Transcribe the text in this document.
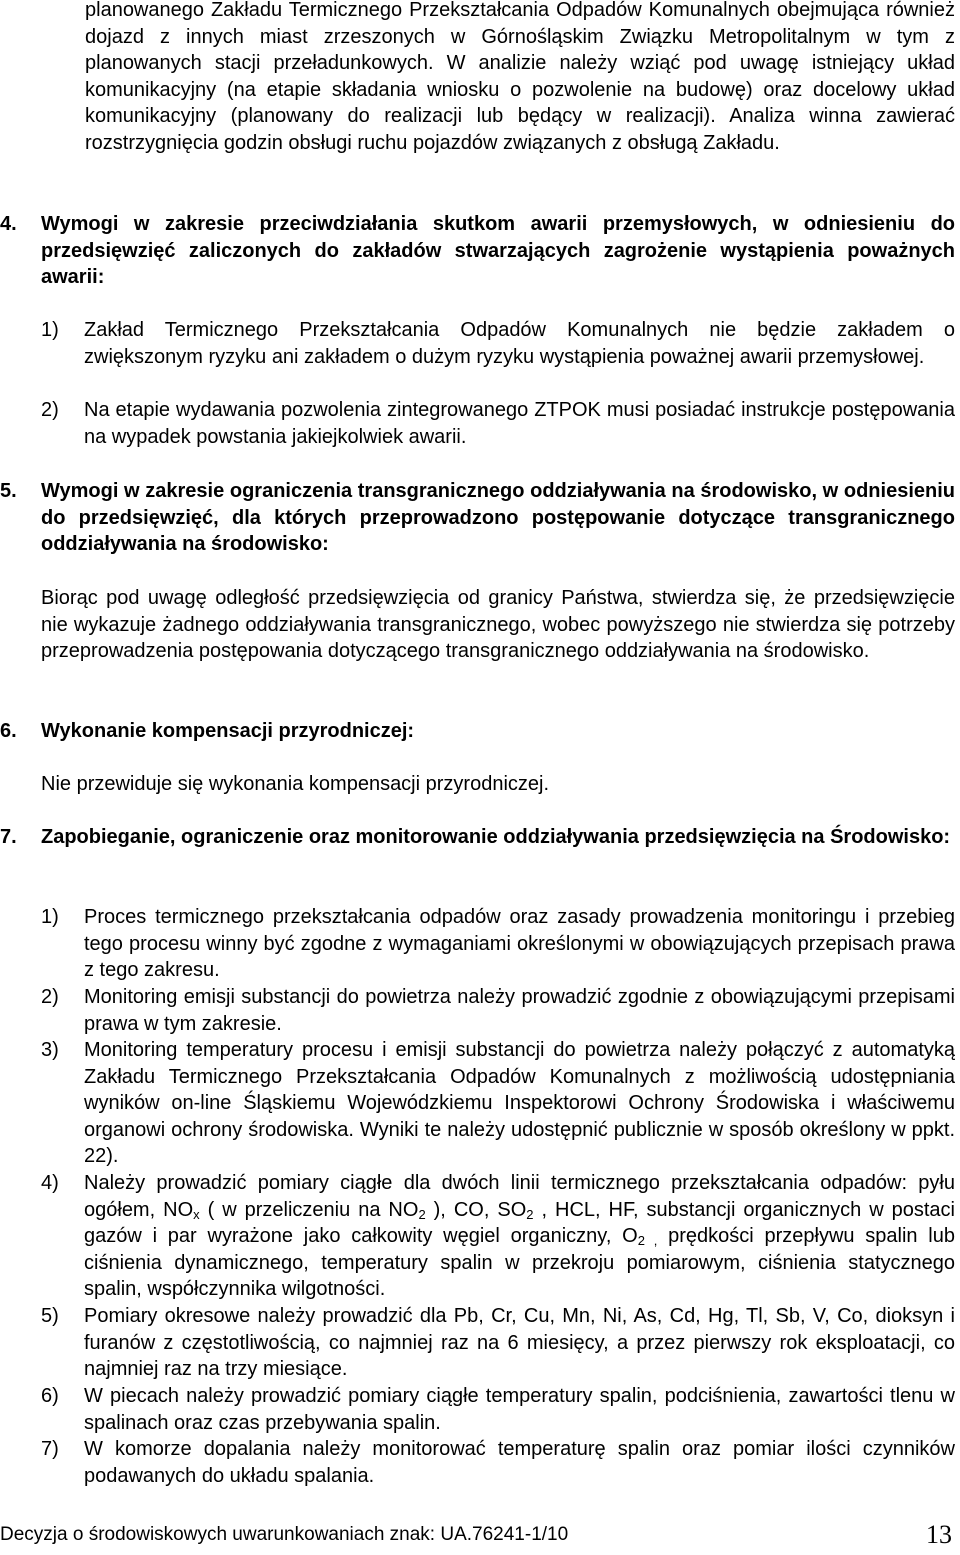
planowanego Zakładu Termicznego Przekształcania Odpadów Komunalnych obejmująca również dojazd z innych miast zrzeszonych w Górnośląskim Związku Metropolitalnym w tym z planowanych stacji przeładunkowych. W analizie należy wziąć pod uwagę istniejący układ komunikacyjny (na etapie składania wniosku o pozwolenie na budowę) oraz docelowy układ komunikacyjny (planowany do realizacji lub będący w realizacji). Analiza winna zawierać rozstrzygnięcia godzin obsługi ruchu pojazdów związanych z obsługą Zakładu.

4. Wymogi w zakresie przeciwdziałania skutkom awarii przemysłowych, w odniesieniu do przedsięwzięć zaliczonych do zakładów stwarzających zagrożenie wystąpienia poważnych awarii:

1) Zakład Termicznego Przekształcania Odpadów Komunalnych nie będzie zakładem o zwiększonym ryzyku ani zakładem o dużym ryzyku wystąpienia poważnej awarii przemysłowej.

2) Na etapie wydawania pozwolenia zintegrowanego ZTPOK musi posiadać instrukcje postępowania na wypadek powstania jakiejkolwiek awarii.

5. Wymogi w zakresie ograniczenia transgranicznego oddziaływania na środowisko, w odniesieniu do przedsięwzięć, dla których przeprowadzono postępowanie dotyczące transgranicznego oddziaływania na środowisko:

Biorąc pod uwagę odległość przedsięwzięcia od granicy Państwa, stwierdza się, że przedsięwzięcie nie wykazuje żadnego oddziaływania transgranicznego, wobec powyższego nie stwierdza się potrzeby przeprowadzenia postępowania dotyczącego transgranicznego oddziaływania na środowisko.

6. Wykonanie kompensacji przyrodniczej:

Nie przewiduje się wykonania kompensacji przyrodniczej.

7. Zapobieganie, ograniczenie oraz monitorowanie oddziaływania przedsięwzięcia na Środowisko:

1) Proces termicznego przekształcania odpadów oraz zasady prowadzenia monitoringu i przebieg tego procesu winny być zgodne z wymaganiami określonymi w obowiązujących przepisach prawa z tego zakresu.

2) Monitoring emisji substancji do powietrza należy prowadzić zgodnie z obowiązującymi przepisami prawa w tym zakresie.

3) Monitoring temperatury procesu i emisji substancji do powietrza należy połączyć z automatyką Zakładu Termicznego Przekształcania Odpadów Komunalnych z możliwością udostępniania wyników on-line Śląskiemu Wojewódzkiemu Inspektorowi Ochrony Środowiska i właściwemu organowi ochrony środowiska. Wyniki te należy udostępnić publicznie w sposób określony w ppkt. 22).

4) Należy prowadzić pomiary ciągłe dla dwóch linii termicznego przekształcania odpadów: pyłu ogółem, $NO_x$ ( w przeliczeniu na $NO_2$ ), CO, $SO_2$ , HCL, HF, substancji organicznych w postaci gazów i par wyrażone jako całkowity węgiel organiczny, $O_{2 ,}$ prędkości przepływu spalin lub ciśnienia dynamicznego, temperatury spalin w przekroju pomiarowym, ciśnienia statycznego spalin, współczynnika wilgotności.

5) Pomiary okresowe należy prowadzić dla Pb, Cr, Cu, Mn, Ni, As, Cd, Hg, Tl, Sb, V, Co, dioksyn i furanów z częstotliwością, co najmniej raz na 6 miesięcy, a przez pierwszy rok eksploatacji, co najmniej raz na trzy miesiące.

6) W piecach należy prowadzić pomiary ciągłe temperatury spalin, podciśnienia, zawartości tlenu w spalinach oraz czas przebywania spalin.

7) W komorze dopalania należy monitorować temperaturę spalin oraz pomiar ilości czynników podawanych do układu spalania.

Decyzja o środowiskowych uwarunkowaniach znak: UA.76241-1/10	13
